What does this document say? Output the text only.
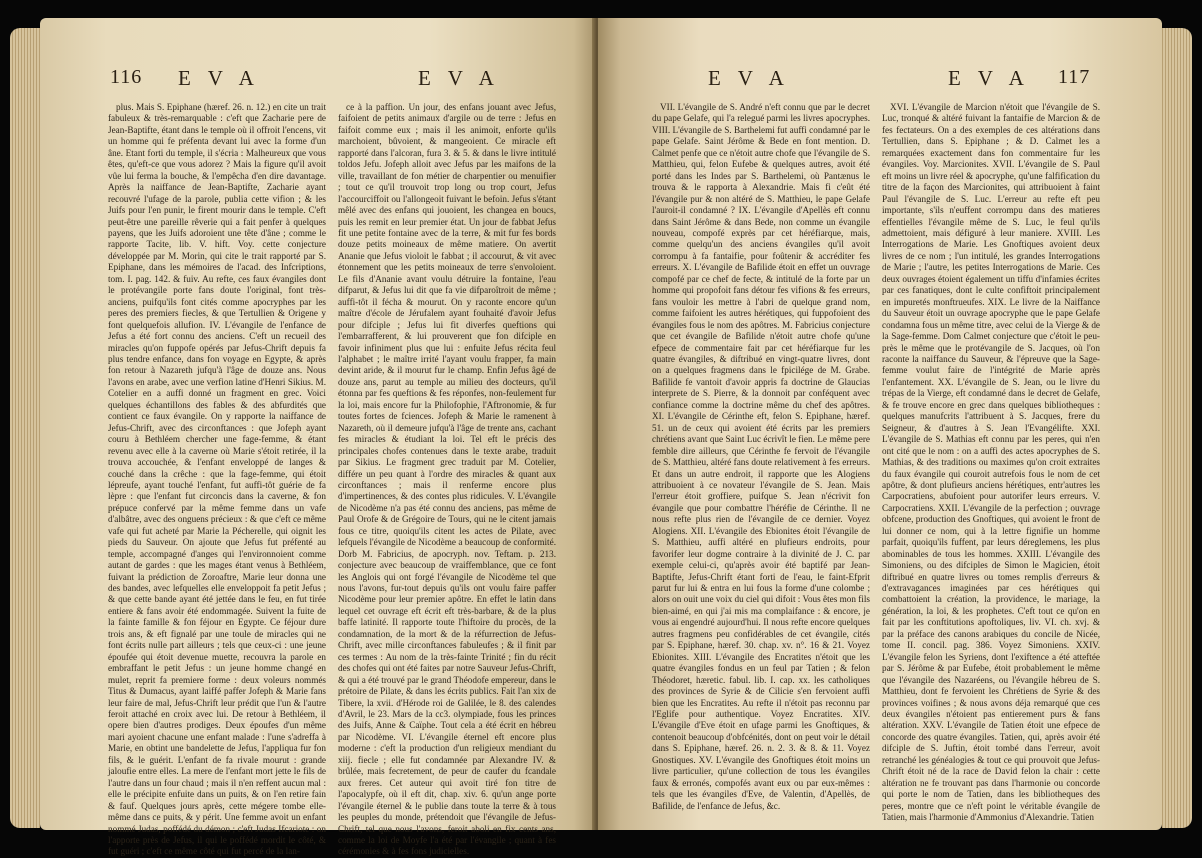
116 E V A	E V A

plus. Mais S. Epiphane (hæref. 26. n. 12.) en cite un trait fabuleux & très-remarquable : c'eft que Zacharie pere de Jean-Baptifte, étant dans le temple où il offroit l'encens, vit un homme qui fe préfenta devant lui avec la forme d'un âne. Etant forti du temple, il s'écria : Malheureux que vous êtes, qu'eft-ce que vous adorez ? Mais la figure qu'il avoit vûe lui ferma la bouche, & l'empêcha d'en dire davantage. Après la naiffance de Jean-Baptifte, Zacharie ayant recouvré l'ufage de la parole, publia cette vifion ; & les Juifs pour l'en punir, le firent mourir dans le temple. C'eft peut-être une pareille rêverie qui a fait penfer à quelques payens, que les Juifs adoroient une tête d'âne ; comme le rapporte Tacite, lib. V. hift. Voy. cette conjecture développée par M. Morin, qui cite le trait rapporté par S. Epiphane, dans les mémoires de l'acad. des Infcriptions, tom. I. pag. 142. & fuiv. Au refte, ces faux évangiles dont le protévangile porte fans doute l'original, font très-anciens, puifqu'ils font cités comme apocryphes par les peres des premiers fiecles, & que Tertullien & Origene y font quelquefois allufion. IV. L'évangile de l'enfance de Jefus a été fort connu des anciens. C'eft un recueil des miracles qu'on fuppofe opérés par Jefus-Chrift depuis fa plus tendre enfance, dans fon voyage en Egypte, & après fon retour à Nazareth jufqu'à l'âge de douze ans. Nous l'avons en arabe, avec une verfion latine d'Henri Sikius. M. Cotelier en a auffi donné un fragment en grec. Voici quelques échantillons des fables & des abfurdités que contient ce faux évangile. On y rapporte la naiffance de Jefus-Chrift, avec des circonftances : que Jofeph ayant couru à Bethléem chercher une fage-femme, & étant revenu avec elle à la caverne où Marie s'étoit retirée, il la trouva accouchée, & l'enfant enveloppé de langes & couché dans la crêche : que la fage-femme, qui étoit lépreufe, ayant touché l'enfant, fut auffi-tôt guérie de fa lèpre : que l'enfant fut circoncis dans la caverne, & fon prépuce confervé par la même femme dans un vafe d'albâtre, avec des onguens précieux : & que c'eft ce même vafe qui fut acheté par Marie la Pécherelle, qui oignit les pieds du Sauveur. On ajoute que Jefus fut préfenté au temple, accompagné d'anges qui l'environnoient comme autant de gardes : que les mages étant venus à Bethléem, fuivant la prédiction de Zoroaftre, Marie leur donna une des bandes, avec lefquelles elle enveloppoit fa petit Jefus ; & que cette bande ayant été jettée dans le feu, en fut tirée entiere & fans avoir été endommagée. Suivent la fuite de la fainte famille & fon féjour en Egypte. Ce féjour dure trois ans, & eft fignalé par une toule de miracles qui ne font écrits nulle part ailleurs ; tels que ceux-ci : une jeune époufée qui étoit devenue muette, recouvra la parole en embraffant le petit Jefus : un jeune homme changé en mulet, reprit fa premiere forme : deux voleurs nommés Titus & Dumacus, ayant laiffé paffer Jofeph & Marie fans leur faire de mal, Jefus-Chrift leur prédit que l'un & l'autre feroit attaché en croix avec lui. De retour à Bethléem, il opere bien d'autres prodiges. Deux époufes d'un même mari ayoient chacune une enfant malade : l'une s'adreffa à Marie, en obtint une bandelette de Jefus, l'appliqua fur fon fils, & le guérit. L'enfant de fa rivale mourut : grande jaloufie entre elles. La mere de l'enfant mort jette le fils de l'autre dans un four chaud ; mais il n'en reffent aucun mal : elle le précipite enfuite dans un puits, & on l'en retire fain & fauf. Quelques jours après, cette mégere tombe elle-même dans ce puits, & y périt. Une femme avoit un enfant nommé Judas, poffédé du démon ; c'eft Judas Ifcariote : on l'apporte près de Jefus, il qui le poffédé mordit le côté, & fut guéri ; c'eft ce même côté qui fut percé de la lan-

ce à la paffion. Un jour, des enfans jouant avec Jefus, faifoient de petits animaux d'argile ou de terre : Jefus en faifoit comme eux ; mais il les animoit, enforte qu'ils marchoient, bûvoient, & mangeoient. Ce miracle eft rapporté dans l'alcoran, fura 3. & 5. & dans le livre intitulé toldos Jefu. Jofeph alloit avec Jefus par les maifons de la ville, travaillant de fon métier de charpentier ou menuifier ; tout ce qu'il trouvoit trop long ou trop court, Jefus l'accourciffoit ou l'allongeoit fuivant le befoin. Jefus s'étant mêlé avec des enfans qui jouoient, les changea en boucs, puis les remit en leur premier état. Un jour de fabbat Jefus fit une petite fontaine avec de la terre, & mit fur fes bords douze petits moineaux de même matiere. On avertit Ananie que Jefus violoit le fabbat ; il accourut, & vit avec étonnement que les petits moineaux de terre s'envoloient. Le fils d'Ananie avant voulu détruire la fontaine, l'eau difparut, & Jefus lui dit que fa vie difparoîtroit de même ; auffi-tôt il fécha & mourut. On y raconte encore qu'un maître d'école de Jérufalem ayant fouhaité d'avoir Jefus pour difciple ; Jefus lui fit diverfes queftions qui l'embarrafferent, & lui prouverent que fon difciple en favoir infiniment plus que lui : enfuite Jefus récita feul l'alphabet ; le maître irrité l'ayant voulu frapper, fa main devint aride, & il mourut fur le champ. Enfin Jefus âgé de douze ans, parut au temple au milieu des docteurs, qu'il étonna par fes queftions & fes réponfes, non-feulement fur la loi, mais encore fur la Philofophie, l'Aftronomie, & fur toutes fortes de fciences. Jofeph & Marie le ramenent à Nazareth, où il demeure jufqu'à l'âge de trente ans, cachant fes miracles & étudiant la loi. Tel eft le précis des principales chofes contenues dans le texte arabe, traduit par Sikius. Le fragment grec traduit par M. Cotelier, différe un peu quant à l'ordre des miracles & quant aux circonftances ; mais il renferme encore plus d'impertinences, & des contes plus ridicules. V. L'évangile de Nicodème n'a pas été connu des anciens, pas même de Paul Orofe & de Grégoire de Tours, qui ne le citent jamais fous ce titre, quoiqu'ils citent les actes de Pilate, avec lefquels l'évangile de Nicodème a beaucoup de conformité. Dorb M. Fabricius, de apocryph. nov. Teftam. p. 213. conjecture avec beaucoup de vraiffemblance, que ce font les Anglois qui ont forgé l'évangile de Nicodème tel que nous l'avons, fur-tout depuis qu'ils ont voulu faire paffer Nicodème pour leur premier apôtre. En effet le latin dans lequel cet ouvrage eft écrit eft très-barbare, & de la plus baffe latinité. Il rapporte toute l'hiftoire du procès, de la condamnation, de la mort & de la réfurrection de Jefus-Chrift, avec mille circonftances fabuleufes ; & il finit par ces termes : Au nom de la très-fainte Trinité ; fin du récit des chofes qui ont été faites par notre Sauveur Jefus-Chrift, & qui a été trouvé par le grand Théodofe empereur, dans le prétoire de Pilate, & dans les écrits publics. Fait l'an xix de Tibere, la xvii. d'Hérode roi de Galilée, le 8. des calendes d'Avril, le 23. Mars de la cc3. olympiade, fous les princes des Juifs, Anne & Caïphe. Tout cela a été écrit en hébreu par Nicodème. VI. L'évangile éternel eft encore plus moderne : c'eft la production d'un religieux mendiant du xiij. fiecle ; elle fut condamnée par Alexandre IV. & brûlée, mais fecretement, de peur de caufer du fcandale aux freres. Cet auteur qui avoit tiré fon titre de l'apocalypfe, où il eft dit, chap. xiv. 6. qu'un ange porte l'évangile éternel & le publie dans toute la terre & à tous les peuples du monde, prétendoit que l'évangile de Jefus-Chrift, tel que nous l'avons, feroit aboli en fix cents ans, comme la loi de Moyfe l'a été par l'évangile ; quant à fes cérémonies & à fes fons judicielles.

E V A	E V A 117

VII. L'évangile de S. André n'eft connu que par le decret du pape Gelafe, qui l'a relegué parmi les livres apocryphes. VIII. L'évangile de S. Barthelemi fut auffi condamné par le pape Gelafe. Saint Jérôme & Bede en font mention. D. Calmet penfe que ce n'étoit autre chofe que l'évangile de S. Matthieu, qui, felon Eufebe & quelques autres, avoit été porté dans les Indes par S. Barthelemi, où Pantænus le trouva & le rapporta à Alexandrie. Mais fi c'eût été l'évangile pur & non altéré de S. Matthieu, le pape Gelafe l'auroit-il condamné ? IX. L'évangile d'Apellès eft connu dans Saint Jérôme & dans Bede, non comme un évangile nouveau, compofé exprès par cet héréfiarque, mais, comme quelqu'un des anciens évangiles qu'il avoit corrompu à fa fantaifie, pour foûtenir & accréditer fes erreurs. X. L'évangile de Bafilide étoit en effet un ouvrage compofé par ce chef de fecte, & intitulé de la forte par un homme qui propofoit fans détour fes vifions & fes erreurs, fans vouloir les mettre à l'abri de quelque grand nom, comme faifoient les autres hérétiques, qui fuppofoient des évangiles fous le nom des apôtres. M. Fabricius conjecture que cet évangile de Bafilide n'étoit autre chofe qu'une efpece de commentaire fait par cet héréfiarque fur les quatre évangiles, & diftribué en vingt-quatre livres, dont on a quelques fragmens dans le fpicilége de M. Grabe. Bafilide fe vantoit d'avoir appris fa doctrine de Glaucias interprete de S. Pierre, & la donnoit par conféquent avec confiance comme la doctrine même du chef des apôtres. XI. L'évangile de Cérinthe eft, felon S. Epiphane, hæref. 51. un de ceux qui avoient été écrits par les premiers chrétiens avant que Saint Luc écrivît le fien. Le même pere femble dire ailleurs, que Cérinthe fe fervoit de l'évangile de S. Matthieu, altéré fans doute relativement à fes erreurs. Et dans un autre endroit, il rapporte que les Alogiens attribuoient à ce novateur l'évangile de S. Jean. Mais l'erreur étoit groffiere, puifque S. Jean n'écrivit fon évangile que pour combattre l'héréfie de Cérinthe. Il ne nous refte plus rien de l'évangile de ce dernier. Voyez Alogiens. XII. L'évangile des Ebionites étoit l'évangile de S. Matthieu, auffi altéré en plufieurs endroits, pour favorifer leur dogme contraire à la divinité de J. C. par exemple celui-ci, qu'après avoir été baptifé par Jean-Baptifte, Jefus-Chrift étant forti de l'eau, le faint-Efprit parut fur lui & entra en lui fous la forme d'une colombe ; alors on ouit une voix du ciel qui difoit : Vous êtes mon fils bien-aimé, en qui j'ai mis ma complaifance : & encore, je vous ai engendré aujourd'hui. Il nous refte encore quelques autres fragmens peu confidérables de cet évangile, cités par S. Epiphane, hæref. 30. chap. xv. n°. 16 & 21. Voyez Ebionites. XIII. L'évangile des Encratites n'étoit que les quatre évangiles fondus en un feul par Tatien ; & felon Théodoret, hæretic. fabul. lib. I. cap. xx. les catholiques des provinces de Syrie & de Cilicie s'en fervoient auffi bien que les Encratites. Au refte il n'étoit pas reconnu par l'Eglife pour authentique. Voyez Encratites. XIV. L'évangile d'Eve étoit en ufage parmi les Gnoftiques, & contenoit beaucoup d'obfcénités, dont on peut voir le détail dans S. Epiphane, hæref. 26. n. 2. 3. & 8. & 11. Voyez Gnostiques. XV. L'évangile des Gnoftiques étoit moins un livre particulier, qu'une collection de tous les évangiles faux & erronés, compofés avant eux ou par eux-mêmes : tels que les évangiles d'Eve, de Valentin, d'Apellès, de Bafilide, de l'enfance de Jefus, &c.

XVI. L'évangile de Marcion n'étoit que l'évangile de S. Luc, tronqué & altéré fuivant la fantaifie de Marcion & de fes fectateurs. On a des exemples de ces altérations dans Tertullien, dans S. Epiphane ; & D. Calmet les a remarquées exactement dans fon commentaire fur les évangiles. Voy. Marcionites. XVII. L'évangile de S. Paul eft moins un livre réel & apocryphe, qu'une falfification du titre de la façon des Marcionites, qui attribuoient à faint Paul l'évangile de S. Luc. L'erreur au refte eft peu importante, s'ils n'euffent corrompu dans des matieres effentielles l'évangile même de S. Luc, le feul qu'ils admettoient, mais défiguré à leur maniere. XVIII. Les Interrogations de Marie. Les Gnoftiques avoient deux livres de ce nom ; l'un intitulé, les grandes Interrogations de Marie ; l'autre, les petites Interrogations de Marie. Ces deux ouvrages étoient également un tiffu d'infamies écrites par ces fanatiques, dont le culte confiftoit principalement en impuretés monftrueufes. XIX. Le livre de la Naiffance du Sauveur étoit un ouvrage apocryphe que le pape Gelafe condamna fous un même titre, avec celui de la Vierge & de la Sage-femme. Dom Calmet conjecture que c'étoit le peu-près le même que le protévangile de S. Jacques, où l'on raconte la naiffance du Sauveur, & l'épreuve que la Sage-femme voulut faire de l'intégrité de Marie après l'enfantement. XX. L'évangile de S. Jean, ou le livre du trépas de la Vierge, eft condamné dans le decret de Gelafe, & fe trouve encore en grec dans quelques bibliotheques : quelques manufcrits l'attribuent à S. Jacques, frere du Seigneur, & d'autres à S. Jean l'Evangélifte. XXI. L'évangile de S. Mathias eft connu par les peres, qui n'en ont cité que le nom : on a auffi des actes apocryphes de S. Mathias, & des traditions ou maximes qu'on croit extraites du faux évangile qui couroit autrefois fous le nom de cet apôtre, & dont plufieurs anciens hérétiques, entr'autres les Carpocratiens, abufoient pour autorifer leurs erreurs. V. Carpocratiens. XXII. L'évangile de la perfection ; ouvrage obfcene, production des Gnoftiques, qui avoient le front de lui donner ce nom, qui à la lettre fignifie un homme parfait, quoiqu'ils fuffent, par leurs déreglemens, les plus abominables de tous les hommes. XXIII. L'évangile des Simoniens, ou des difciples de Simon le Magicien, étoit diftribué en quatre livres ou tomes remplis d'erreurs & d'extravagances imaginées par ces hérétiques qui combattoient la création, la providence, le mariage, la génération, la loi, & les prophetes. C'eft tout ce qu'on en fait par les conftitutions apoftoliques, liv. VI. ch. xvj. & par la préface des canons arabiques du concile de Nicée, tome II. concil. pag. 386. Voyez Simoniens. XXIV. L'évangile felon les Syriens, dont l'exiftence a été atteftée par S. Jérôme & par Eufebe, étoit probablement le même que l'évangile des Nazaréens, ou l'évangile hébreu de S. Matthieu, dont fe fervoient les Chrétiens de Syrie & des provinces voifines ; & nous avons déja remarqué que ces deux évangiles n'étoient pas entierement purs & fans altération. XXV. L'évangile de Tatien étoit une efpece de concorde des quatre évangiles. Tatien, qui, après avoir été difciple de S. Juftin, étoit tombé dans l'erreur, avoit retranché les généalogies & tout ce qui prouvoit que Jefus-Chrift étoit né de la race de David felon la chair : cette altération ne fe trouvant pas dans l'harmonie ou concorde qui porte le nom de Tatien, dans les bibliotheques des peres, montre que ce n'eft point le véritable évangile de Tatien, mais l'harmonie d'Ammonius d'Alexandrie. Tatien
